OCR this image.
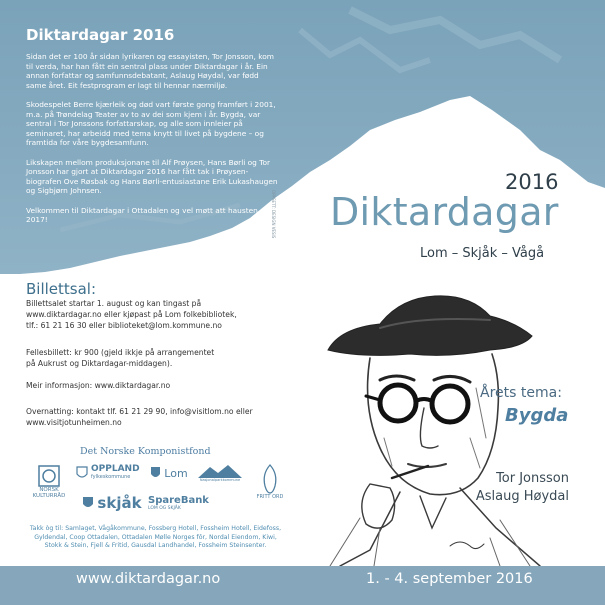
Diktardagar 2016

Sidan det er 100 år sidan lyrikaren og essayisten, Tor Jonsson, kom til verda, har han fått ein sentral plass under Diktardagar i år. Ein annan forfattar og samfunnsdebatant, Aslaug Høydal, var fødd same året. Eit festprogram er lagt til hennar nærmiljø.

Skodespelet Berre kjærleik og død vart første gong framført i 2001, m.a. på Trøndelag Teater av to av dei som kjem i år. Bygda, var sentral i Tor Jonssons forfattarskap, og alle som innleier på seminaret, har arbeidd med tema knytt til livet på bygdene – og framtida for våre bygdesamfunn.

Likskapen mellom produksjonane til Alf Prøysen, Hans Børli og Tor Jonsson har gjort at Diktardagar 2016 har fått tak i Prøysen-biografen Ove Røsbak og Hans Børli-entusiastane Erik Lukashaugen og Sigbjørn Johnsen.

Velkommen til Diktardagar i Ottadalen og vel møtt att hausten 2017!	OPPSETT: DESIGN VESIS
2016
Diktardagar
Lom – Skjåk – Vågå
Billettsal:
Billettsalet startar 1. august og kan tingast på
www.diktardagar.no eller kjøpast på Lom folkebibliotek,
tlf.: 61 21 16 30 eller biblioteket@lom.kommune.no
Fellesbillett: kr 900 (gjeld ikkje på arrangementet
på Aukrust og Diktardagar-middagen).
Meir informasjon: www.diktardagar.no
Overnatting: kontakt tlf. 61 21 29 90, info@visitlom.no eller
www.visitjotunheimen.no
Årets tema:
Bygda
Tor Jonsson
Aslaug Høydal
Det Norske Komponistfond
NORSK KULTURRÅD
OPPLAND
fylkeskommune	Lom
Nasjonalparkkommune
FRITT ORD
skjåk SpareBank
LOM OG SKJÅK
Takk òg til: Samlaget, Vågåkommune, Fossberg Hotell, Fossheim Hotell, Eidefoss, Gyldendal, Coop Ottadalen, Ottadalen Mølle Norges fôr, Nordal Eiendom, Kiwi, Stokk & Stein, Fjell & Fritid, Gausdal Landhandel, Fossheim Steinsenter.
www.diktardagar.no	1. - 4. september 2016
